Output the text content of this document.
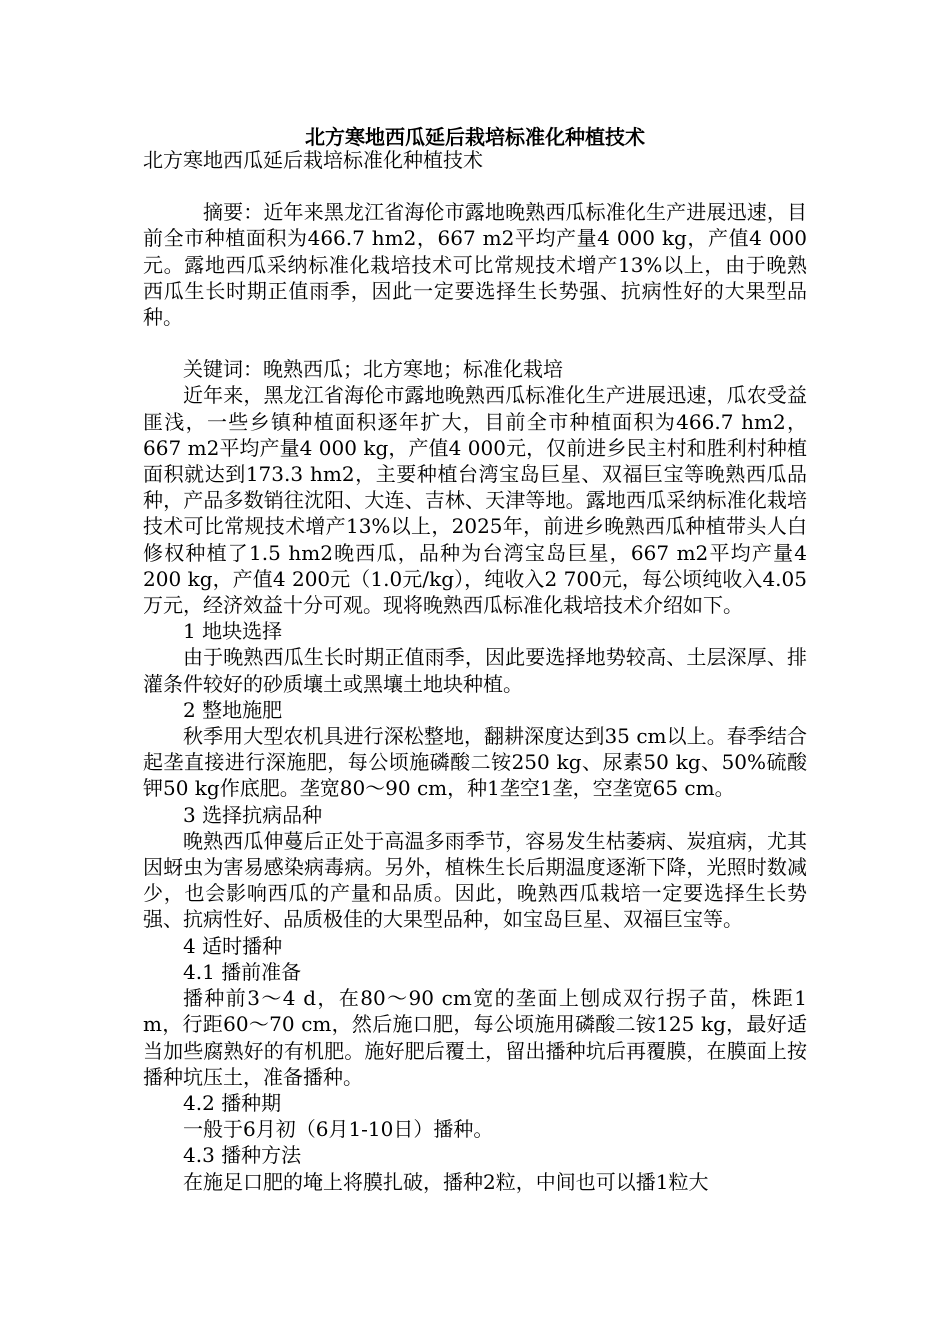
北方寒地西瓜延后栽培标准化种植技术

北方寒地西瓜延后栽培标准化种植技术

摘要：近年来黑龙江省海伦市露地晚熟西瓜标准化生产进展迅速，目前全市种植面积为466.7 hm2，667 m2平均产量4 000 kg，产值4 000元。露地西瓜采纳标准化栽培技术可比常规技术增产13%以上，由于晚熟西瓜生长时期正值雨季，因此一定要选择生长势强、抗病性好的大果型品种。

关键词：晚熟西瓜；北方寒地；标准化栽培

近年来，黑龙江省海伦市露地晚熟西瓜标准化生产进展迅速，瓜农受益匪浅，一些乡镇种植面积逐年扩大，目前全市种植面积为466.7 hm2，667 m2平均产量4 000 kg，产值4 000元，仅前进乡民主村和胜利村种植面积就达到173.3 hm2，主要种植台湾宝岛巨星、双福巨宝等晚熟西瓜品种，产品多数销往沈阳、大连、吉林、天津等地。露地西瓜采纳标准化栽培技术可比常规技术增产13%以上，2025年，前进乡晚熟西瓜种植带头人白修权种植了1.5 hm2晚西瓜，品种为台湾宝岛巨星，667 m2平均产量4 200 kg，产值4 200元（1.0元/kg），纯收入2 700元，每公顷纯收入4.05万元，经济效益十分可观。现将晚熟西瓜标准化栽培技术介绍如下。

1 地块选择

由于晚熟西瓜生长时期正值雨季，因此要选择地势较高、土层深厚、排灌条件较好的砂质壤土或黑壤土地块种植。

2 整地施肥

秋季用大型农机具进行深松整地，翻耕深度达到35 cm以上。春季结合起垄直接进行深施肥，每公顷施磷酸二铵250 kg、尿素50 kg、50%硫酸钾50 kg作底肥。垄宽80～90 cm，种1垄空1垄，空垄宽65 cm。

3 选择抗病品种

晚熟西瓜伸蔓后正处于高温多雨季节，容易发生枯萎病、炭疽病，尤其因蚜虫为害易感染病毒病。另外，植株生长后期温度逐渐下降，光照时数减少，也会影响西瓜的产量和品质。因此，晚熟西瓜栽培一定要选择生长势强、抗病性好、品质极佳的大果型品种，如宝岛巨星、双福巨宝等。

4 适时播种

4.1 播前准备

播种前3～4 d，在80～90 cm宽的垄面上刨成双行拐子苗，株距1 m，行距60～70 cm，然后施口肥，每公顷施用磷酸二铵125 kg，最好适当加些腐熟好的有机肥。施好肥后覆土，留出播种坑后再覆膜，在膜面上按播种坑压土，准备播种。

4.2 播种期

一般于6月初（6月1-10日）播种。

4.3 播种方法

在施足口肥的埯上将膜扎破，播种2粒，中间也可以播1粒大
